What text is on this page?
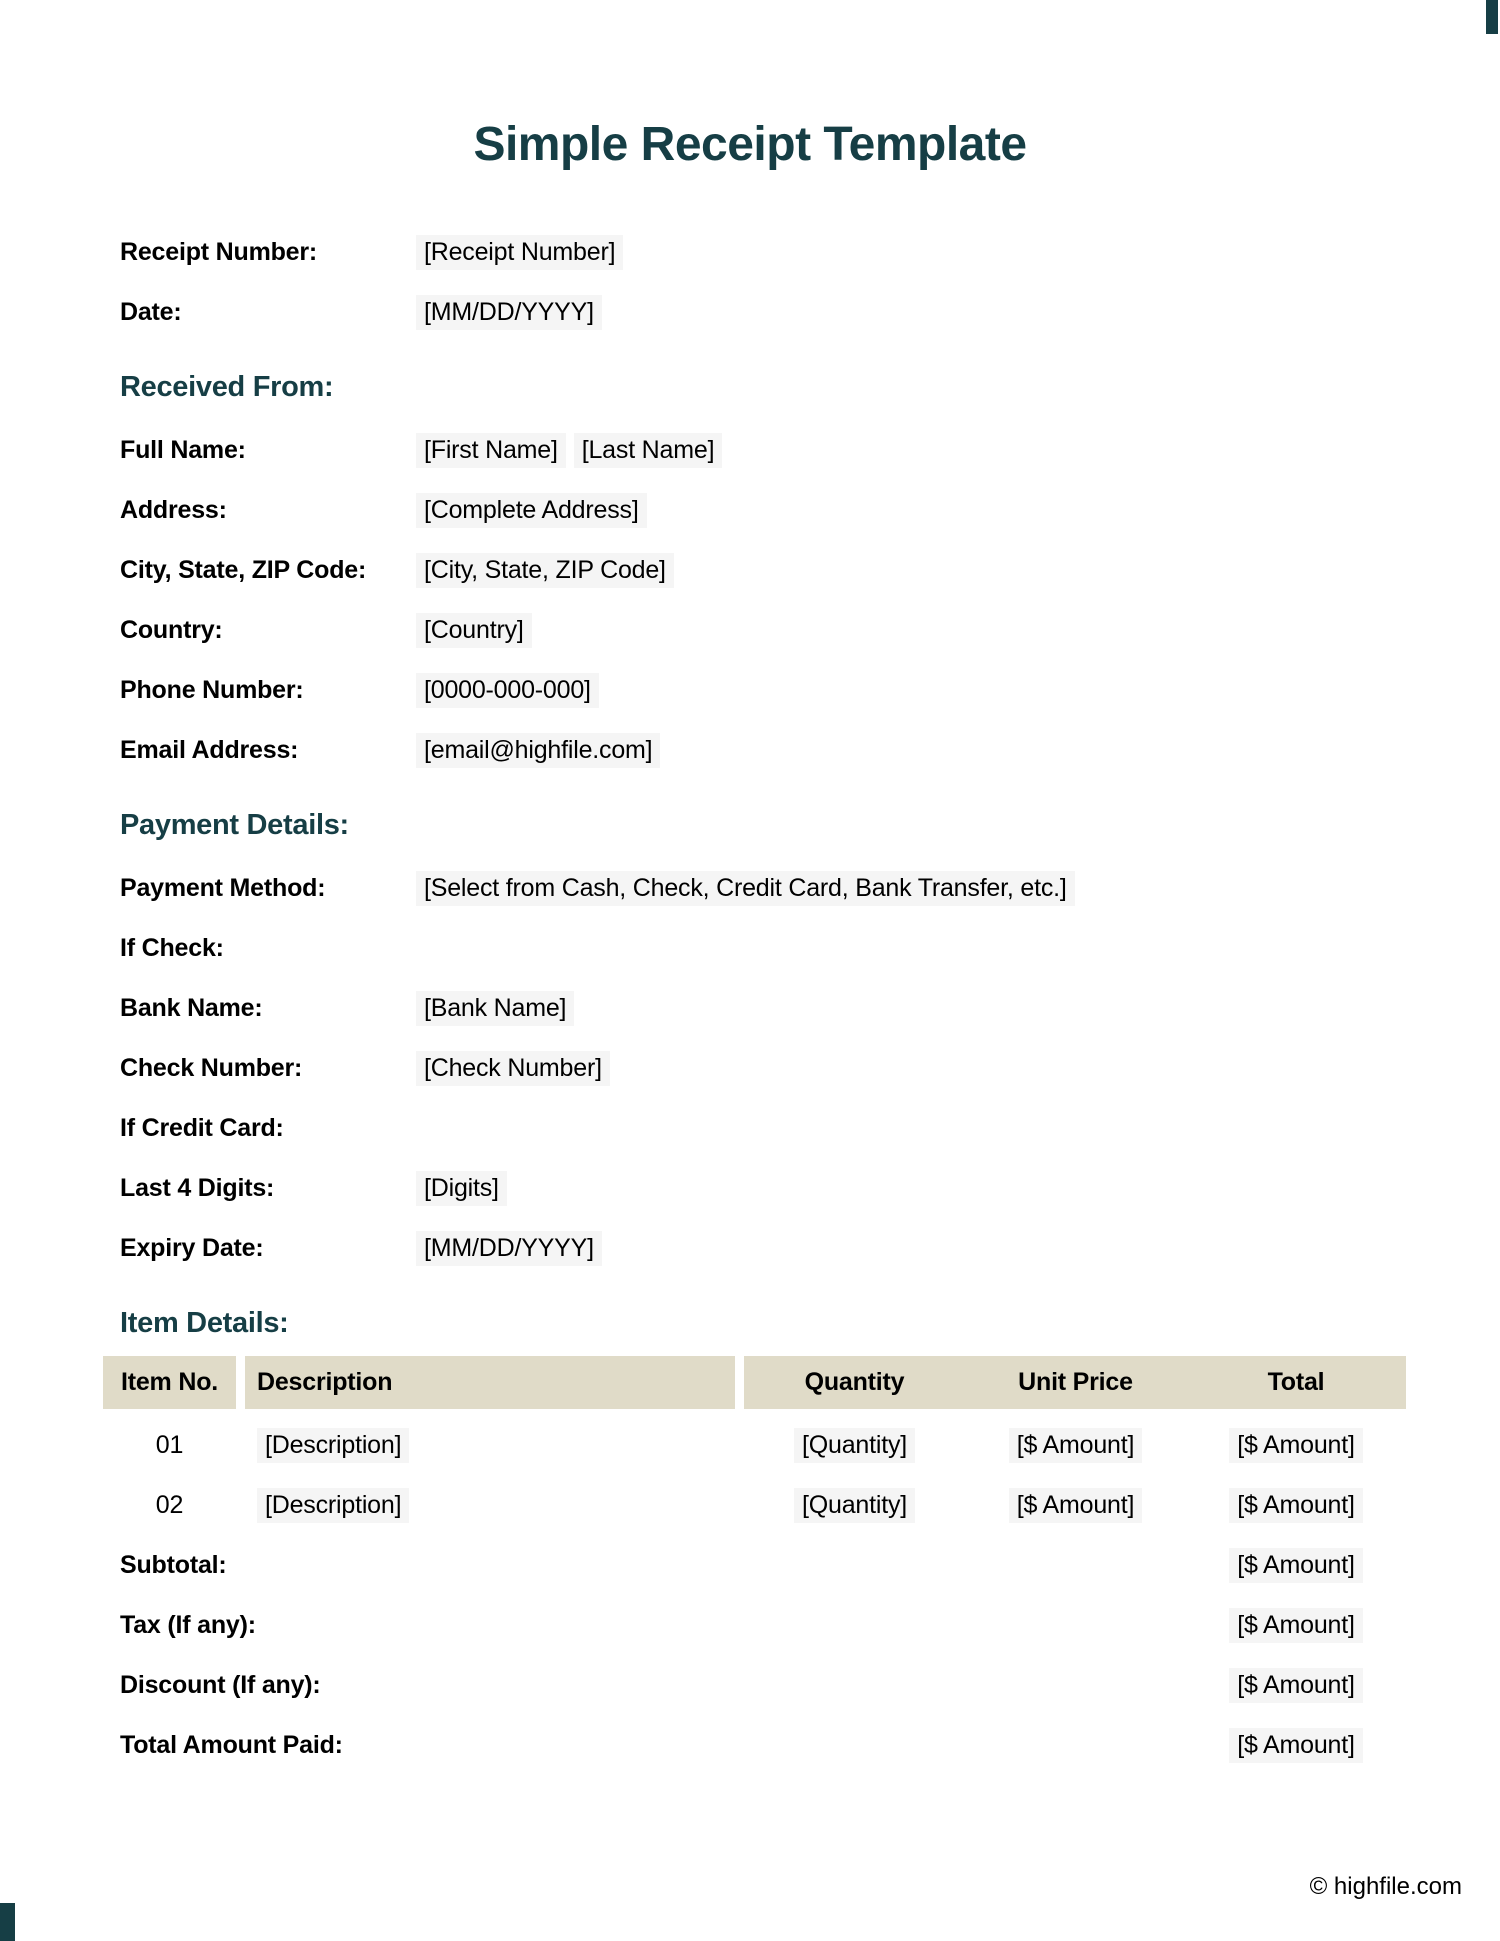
Simple Receipt Template
Receipt Number:	[Receipt Number]
Date:	[MM/DD/YYYY]
Received From:
Full Name:	[First Name] [Last Name]
Address:	[Complete Address]
City, State, ZIP Code:	[City, State, ZIP Code]
Country:	[Country]
Phone Number:	[0000-000-000]
Email Address:	[email@highfile.com]
Payment Details:
Payment Method:	[Select from Cash, Check, Credit Card, Bank Transfer, etc.]
If Check:
Bank Name:	[Bank Name]
Check Number:	[Check Number]
If Credit Card:
Last 4 Digits:	[Digits]
Expiry Date:	[MM/DD/YYYY]
Item Details:
Item No.	Description	Quantity	Unit Price	Total
01	[Description]	[Quantity]	[$ Amount]	[$ Amount]
02	[Description]	[Quantity]	[$ Amount]	[$ Amount]
Subtotal:	[$ Amount]
Tax (If any):	[$ Amount]
Discount (If any):	[$ Amount]
Total Amount Paid:	[$ Amount]
© highfile.com
